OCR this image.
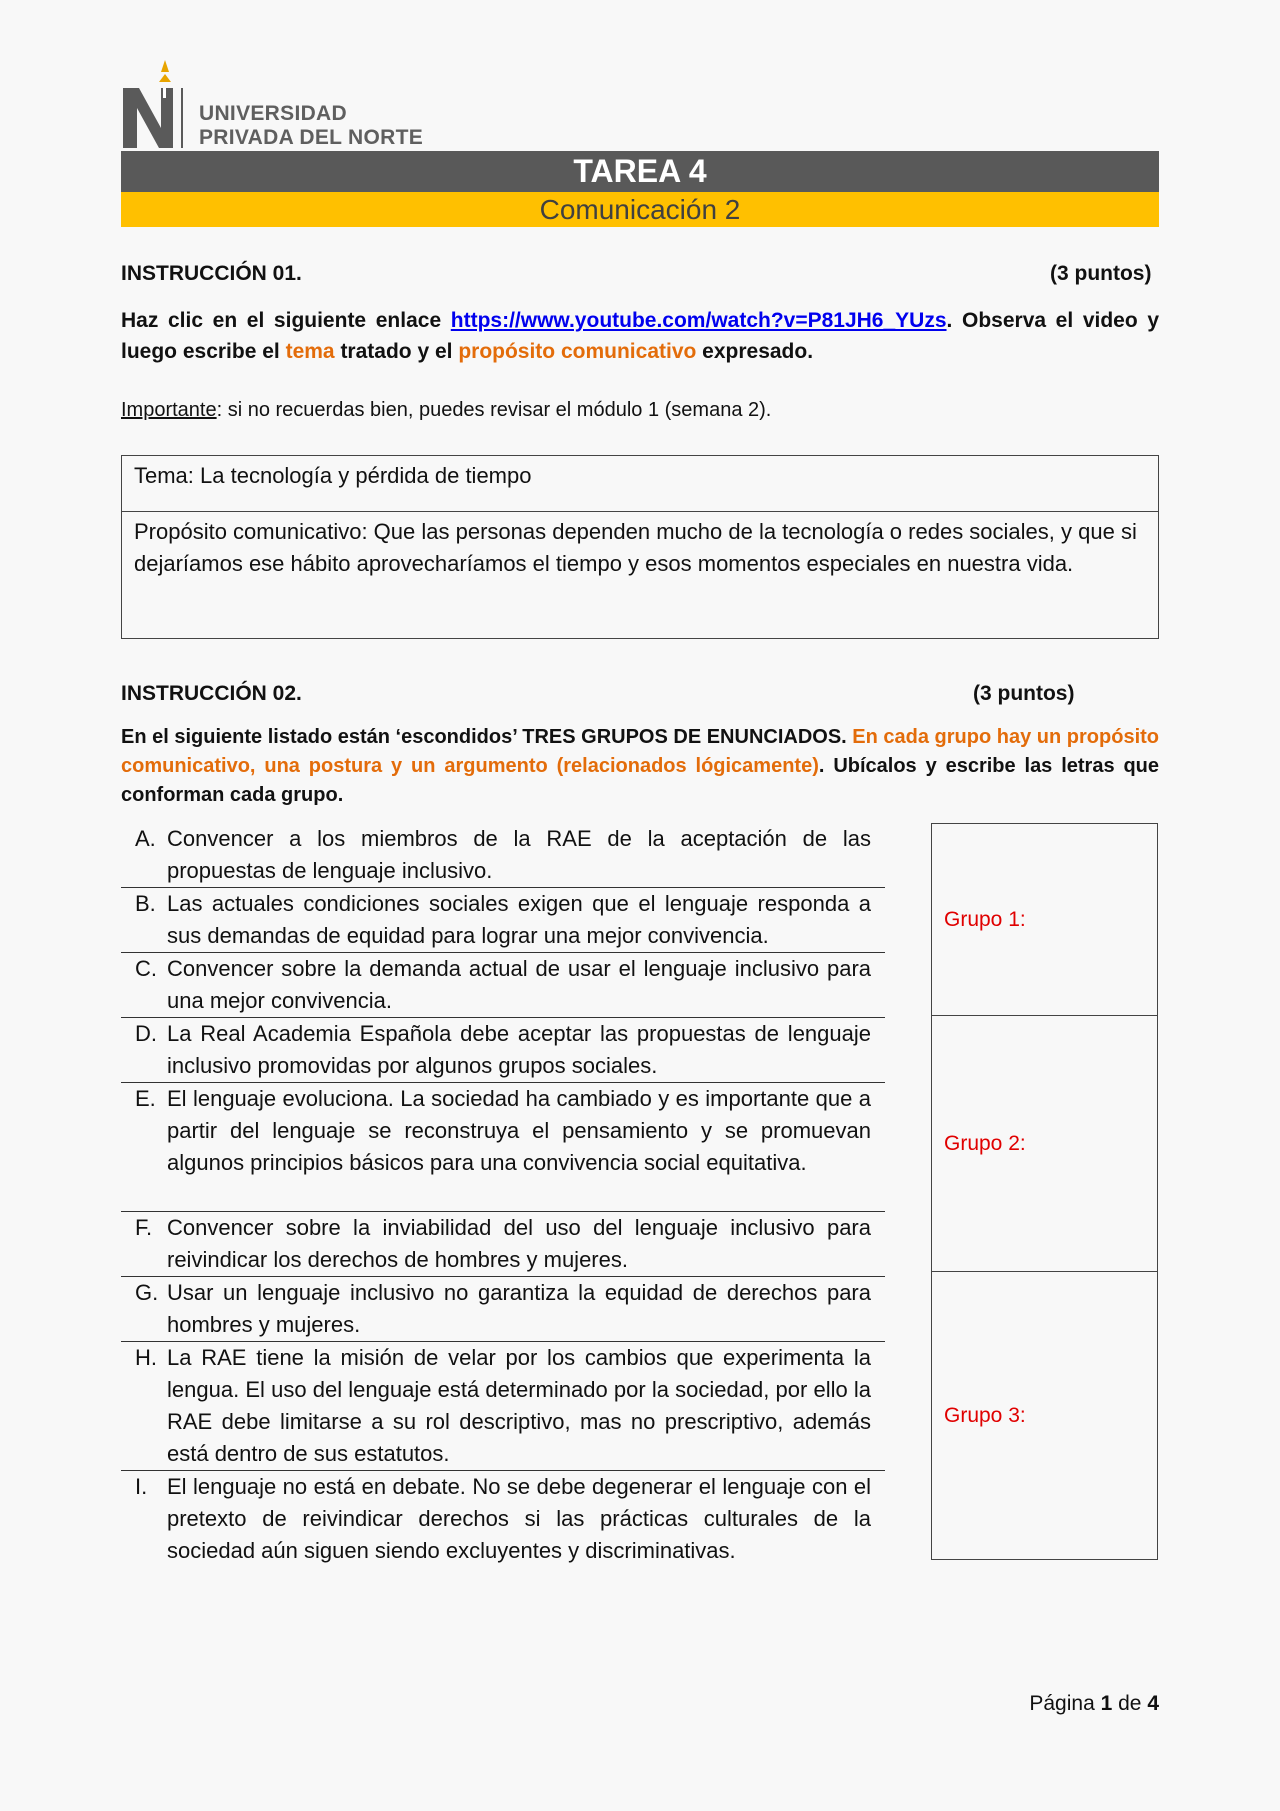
UNIVERSIDAD
PRIVADA DEL NORTE
TAREA 4
Comunicación 2
INSTRUCCIÓN 01.	(3 puntos)
Haz clic en el siguiente enlace https://www.youtube.com/watch?v=P81JH6_YUzs. Observa el video y luego escribe el tema tratado y el propósito comunicativo expresado.
Importante: si no recuerdas bien, puedes revisar el módulo 1 (semana 2).
Tema: La tecnología y pérdida de tiempo
Propósito comunicativo: Que las personas dependen mucho de la tecnología o redes sociales, y que si dejaríamos ese hábito aprovecharíamos el tiempo y esos momentos especiales en nuestra vida.
INSTRUCCIÓN 02.	(3 puntos)
En el siguiente listado están ‘escondidos’ TRES GRUPOS DE ENUNCIADOS. En cada grupo hay un propósito comunicativo, una postura y un argumento (relacionados lógicamente). Ubícalos y escribe las letras que conforman cada grupo.
A. Convencer a los miembros de la RAE de la aceptación de las propuestas de lenguaje inclusivo.
B. Las actuales condiciones sociales exigen que el lenguaje responda a sus demandas de equidad para lograr una mejor convivencia.
C. Convencer sobre la demanda actual de usar el lenguaje inclusivo para una mejor convivencia.
D. La Real Academia Española debe aceptar las propuestas de lenguaje inclusivo promovidas por algunos grupos sociales.
E. El lenguaje evoluciona. La sociedad ha cambiado y es importante que a partir del lenguaje se reconstruya el pensamiento y se promuevan algunos principios básicos para una convivencia social equitativa.
F. Convencer sobre la inviabilidad del uso del lenguaje inclusivo para reivindicar los derechos de hombres y mujeres.
G. Usar un lenguaje inclusivo no garantiza la equidad de derechos para hombres y mujeres.
H. La RAE tiene la misión de velar por los cambios que experimenta la lengua. El uso del lenguaje está determinado por la sociedad, por ello la RAE debe limitarse a su rol descriptivo, mas no prescriptivo, además está dentro de sus estatutos.
I. El lenguaje no está en debate. No se debe degenerar el lenguaje con el pretexto de reivindicar derechos si las prácticas culturales de la sociedad aún siguen siendo excluyentes y discriminativas.
Grupo 1:
Grupo 2:
Grupo 3:
Página 1 de 4
